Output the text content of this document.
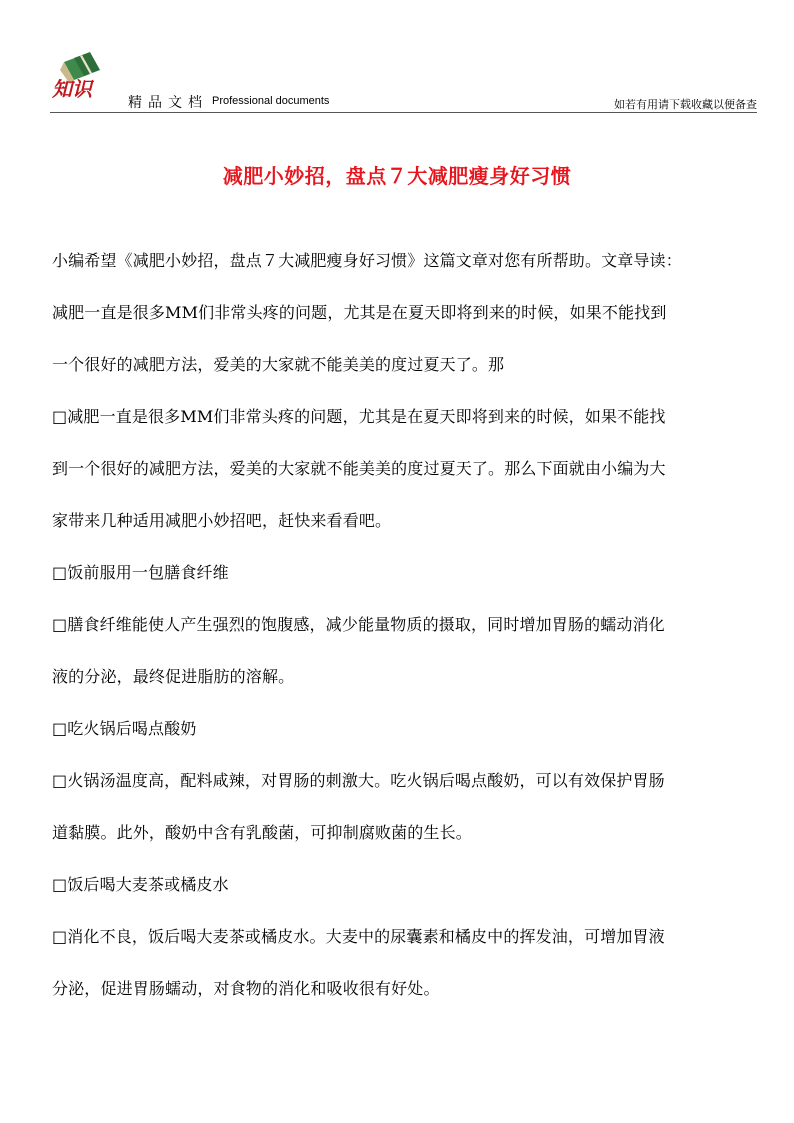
知识
精品文档 Professional documents	如若有用请下载收藏以便备查
减肥小妙招，盘点７大减肥瘦身好习惯
小编希望《减肥小妙招，盘点７大减肥瘦身好习惯》这篇文章对您有所帮助。文章导读：
减肥一直是很多MM们非常头疼的问题，尤其是在夏天即将到来的时候，如果不能找到
一个很好的减肥方法，爱美的大家就不能美美的度过夏天了。那
□减肥一直是很多MM们非常头疼的问题，尤其是在夏天即将到来的时候，如果不能找
到一个很好的减肥方法，爱美的大家就不能美美的度过夏天了。那么下面就由小编为大
家带来几种适用减肥小妙招吧，赶快来看看吧。
□饭前服用一包膳食纤维
□膳食纤维能使人产生强烈的饱腹感，减少能量物质的摄取，同时增加胃肠的蠕动消化
液的分泌，最终促进脂肪的溶解。
□吃火锅后喝点酸奶
□火锅汤温度高，配料咸辣，对胃肠的刺激大。吃火锅后喝点酸奶，可以有效保护胃肠
道黏膜。此外，酸奶中含有乳酸菌，可抑制腐败菌的生长。
□饭后喝大麦茶或橘皮水
□消化不良，饭后喝大麦茶或橘皮水。大麦中的尿囊素和橘皮中的挥发油，可增加胃液
分泌，促进胃肠蠕动，对食物的消化和吸收很有好处。
